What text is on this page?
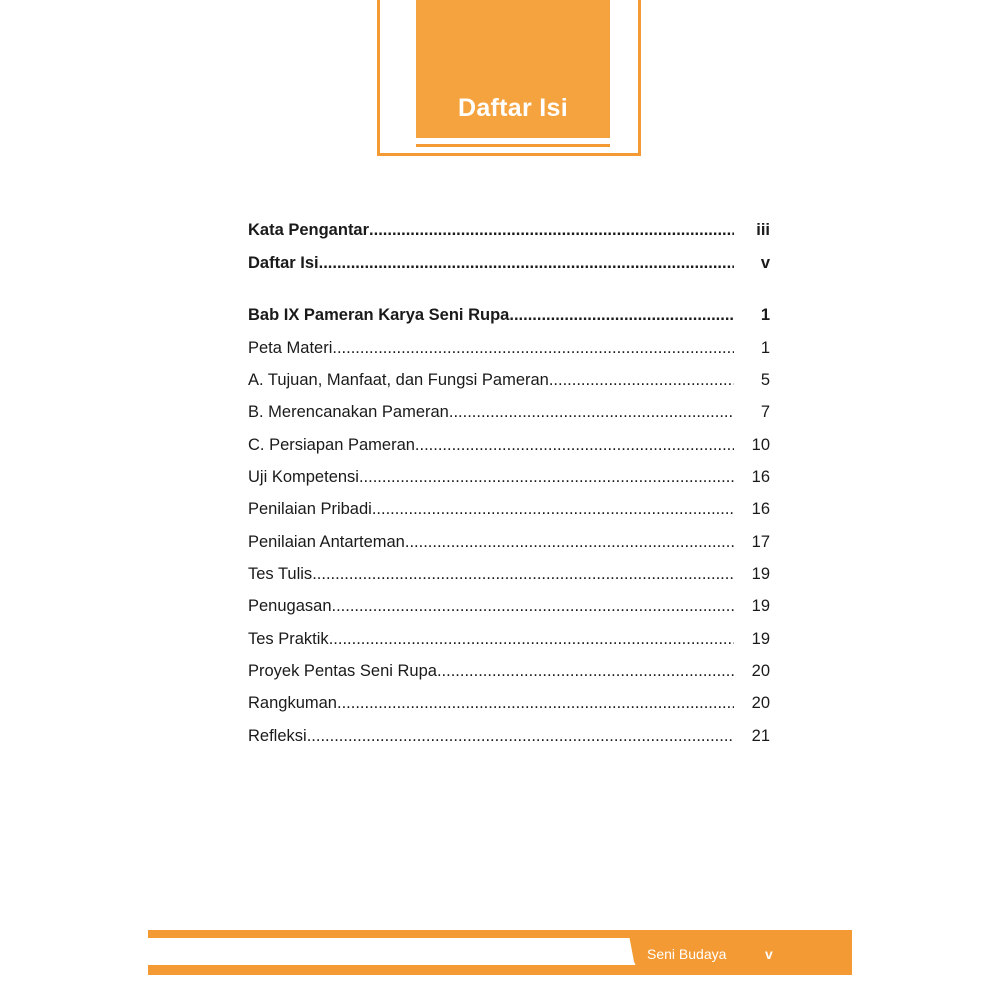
Daftar Isi
Kata Pengantar .....	iii
Daftar Isi .....	v
Bab IX Pameran Karya Seni Rupa .....	1
Peta Materi .....	1
A. Tujuan, Manfaat, dan Fungsi Pameran .....	5
B. Merencanakan Pameran .....	7
C. Persiapan Pameran .....	10
Uji Kompetensi .....	16
Penilaian Pribadi .....	16
Penilaian Antarteman .....	17
Tes Tulis .....	19
Penugasan .....	19
Tes Praktik .....	19
Proyek Pentas Seni Rupa .....	20
Rangkuman .....	20
Refleksi .....	21
Seni Budaya	v
